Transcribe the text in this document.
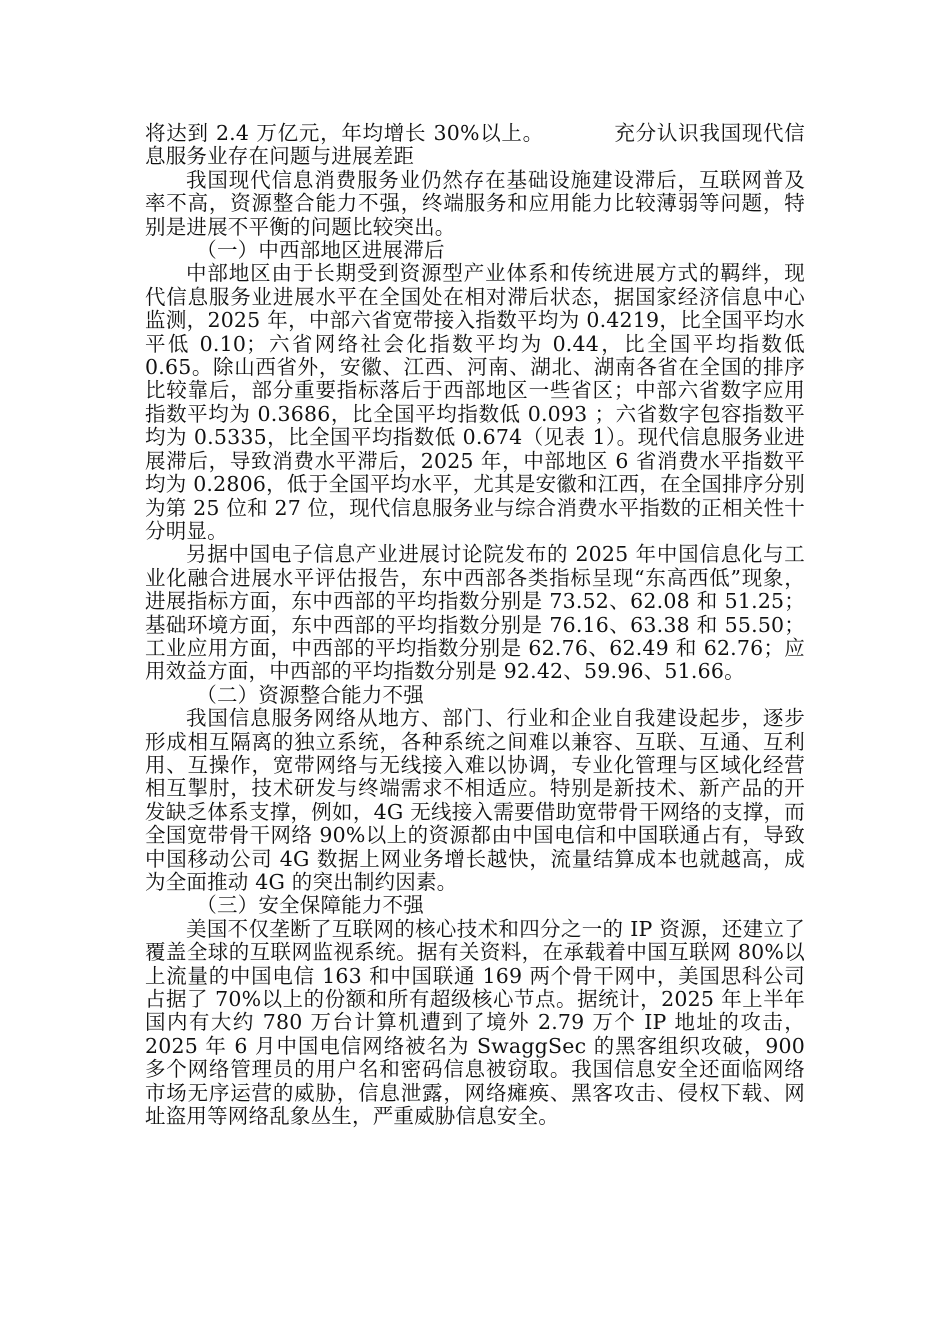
将达到 2.4 万亿元，年均增长 30%以上。	充分认识我国现代信息服务业存在问题与进展差距

我国现代信息消费服务业仍然存在基础设施建设滞后，互联网普及率不高，资源整合能力不强，终端服务和应用能力比较薄弱等问题，特别是进展不平衡的问题比较突出。

（一）中西部地区进展滞后

中部地区由于长期受到资源型产业体系和传统进展方式的羁绊，现代信息服务业进展水平在全国处在相对滞后状态，据国家经济信息中心监测，2025 年，中部六省宽带接入指数平均为 0.4219，比全国平均水平低 0.10；六省网络社会化指数平均为 0.44，比全国平均指数低 0.65。除山西省外，安徽、江西、河南、湖北、湖南各省在全国的排序比较靠后，部分重要指标落后于西部地区一些省区；中部六省数字应用指数平均为 0.3686，比全国平均指数低 0.093 ；六省数字包容指数平均为 0.5335，比全国平均指数低 0.674（见表 1）。现代信息服务业进展滞后，导致消费水平滞后，2025 年，中部地区 6 省消费水平指数平均为 0.2806，低于全国平均水平，尤其是安徽和江西，在全国排序分别为第 25 位和 27 位，现代信息服务业与综合消费水平指数的正相关性十分明显。

另据中国电子信息产业进展讨论院发布的 2025 年中国信息化与工业化融合进展水平评估报告，东中西部各类指标呈现“东高西低”现象，进展指标方面，东中西部的平均指数分别是 73.52、62.08 和 51.25；基础环境方面，东中西部的平均指数分别是 76.16、63.38 和 55.50；工业应用方面，中西部的平均指数分别是 62.76、62.49 和 62.76；应用效益方面，中西部的平均指数分别是 92.42、59.96、51.66。

（二）资源整合能力不强

我国信息服务网络从地方、部门、行业和企业自我建设起步，逐步形成相互隔离的独立系统，各种系统之间难以兼容、互联、互通、互利用、互操作，宽带网络与无线接入难以协调，专业化管理与区域化经营相互掣肘，技术研发与终端需求不相适应。特别是新技术、新产品的开发缺乏体系支撑，例如，4G 无线接入需要借助宽带骨干网络的支撑，而全国宽带骨干网络 90%以上的资源都由中国电信和中国联通占有，导致中国移动公司 4G 数据上网业务增长越快，流量结算成本也就越高，成为全面推动 4G 的突出制约因素。

（三）安全保障能力不强

美国不仅垄断了互联网的核心技术和四分之一的 IP 资源，还建立了覆盖全球的互联网监视系统。据有关资料，在承载着中国互联网 80%以上流量的中国电信 163 和中国联通 169 两个骨干网中，美国思科公司占据了 70%以上的份额和所有超级核心节点。据统计，2025 年上半年国内有大约 780 万台计算机遭到了境外 2.79 万个 IP 地址的攻击，2025 年 6 月中国电信网络被名为 SwaggSec 的黑客组织攻破，900 多个网络管理员的用户名和密码信息被窃取。我国信息安全还面临网络市场无序运营的威胁，信息泄露，网络瘫痪、黑客攻击、侵权下载、网址盗用等网络乱象丛生，严重威胁信息安全。
